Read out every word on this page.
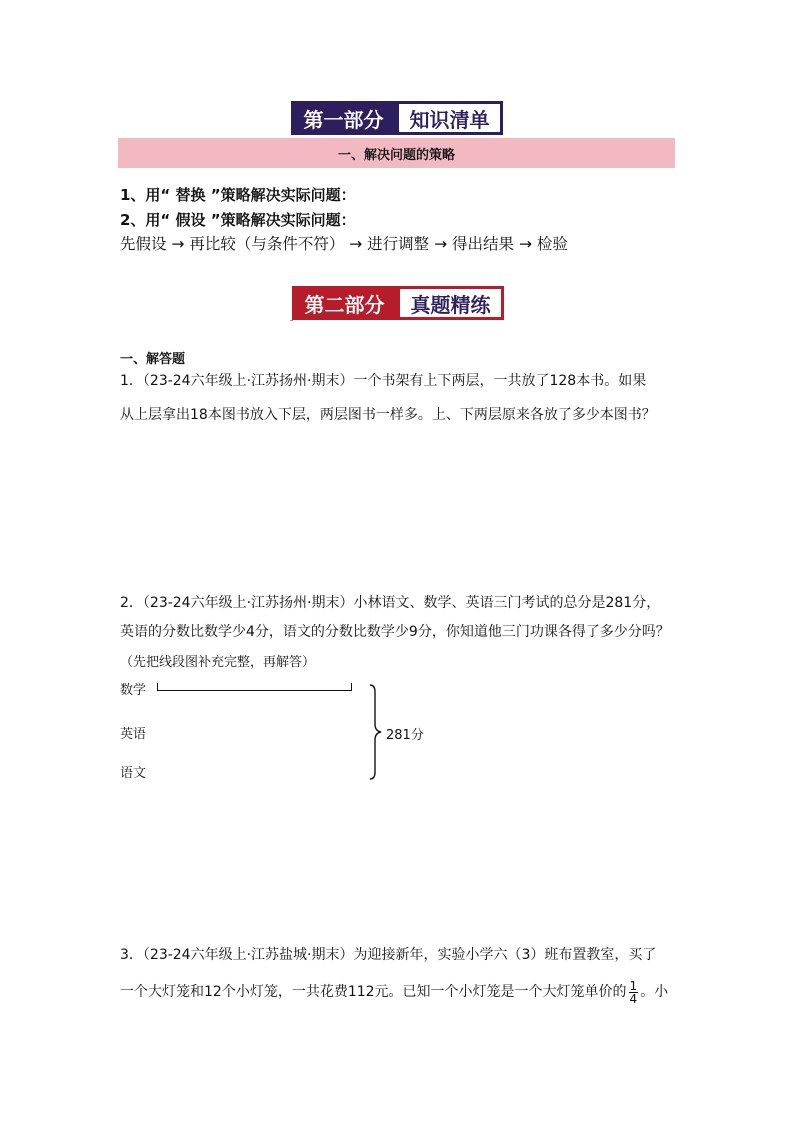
第一部分	知识清单
一、解决问题的策略
1、用“ 替换 ”策略解决实际问题：
2、用“ 假设 ”策略解决实际问题：
先假设 → 再比较（与条件不符） → 进行调整 → 得出结果 → 检验
第二部分	真题精练
一、解答题
1．（23-24六年级上·江苏扬州·期末）一个书架有上下两层，一共放了128本书。如果
从上层拿出18本图书放入下层，两层图书一样多。上、下两层原来各放了多少本图书？
2．（23-24六年级上·江苏扬州·期末）小林语文、数学、英语三门考试的总分是281分，
英语的分数比数学少4分，语文的分数比数学少9分，你知道他三门功课各得了多少分吗？
（先把线段图补充完整，再解答）
数学
英语
语文
281分
3．（23-24六年级上·江苏盐城·期末）为迎接新年，实验小学六（3）班布置教室，买了
一个大灯笼和12个小灯笼，一共花费112元。已知一个小灯笼是一个大灯笼单价的 $\frac{1}{4}$ 。小
